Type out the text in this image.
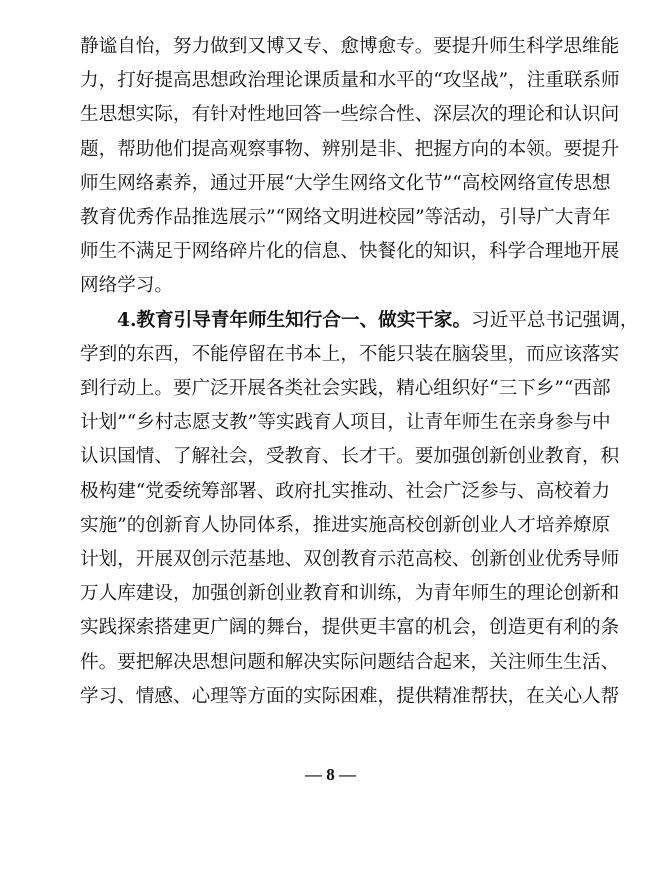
静谧自怡，努力做到又博又专、愈博愈专。要提升师生科学思维能
力，打好提高思想政治理论课质量和水平的“攻坚战”，注重联系师
生思想实际，有针对性地回答一些综合性、深层次的理论和认识问
题，帮助他们提高观察事物、辨别是非、把握方向的本领。要提升
师生网络素养，通过开展“大学生网络文化节”“高校网络宣传思想
教育优秀作品推选展示”“网络文明进校园”等活动，引导广大青年
师生不满足于网络碎片化的信息、快餐化的知识，科学合理地开展
网络学习。
4.教育引导青年师生知行合一、做实干家。习近平总书记强调，
学到的东西，不能停留在书本上，不能只装在脑袋里，而应该落实
到行动上。要广泛开展各类社会实践，精心组织好“三下乡”“西部
计划”“乡村志愿支教”等实践育人项目，让青年师生在亲身参与中
认识国情、了解社会，受教育、长才干。要加强创新创业教育，积
极构建“党委统筹部署、政府扎实推动、社会广泛参与、高校着力
实施”的创新育人协同体系，推进实施高校创新创业人才培养燎原
计划，开展双创示范基地、双创教育示范高校、创新创业优秀导师
万人库建设，加强创新创业教育和训练，为青年师生的理论创新和
实践探索搭建更广阔的舞台，提供更丰富的机会，创造更有利的条
件。要把解决思想问题和解决实际问题结合起来，关注师生生活、
学习、情感、心理等方面的实际困难，提供精准帮扶，在关心人帮
— 8 —
